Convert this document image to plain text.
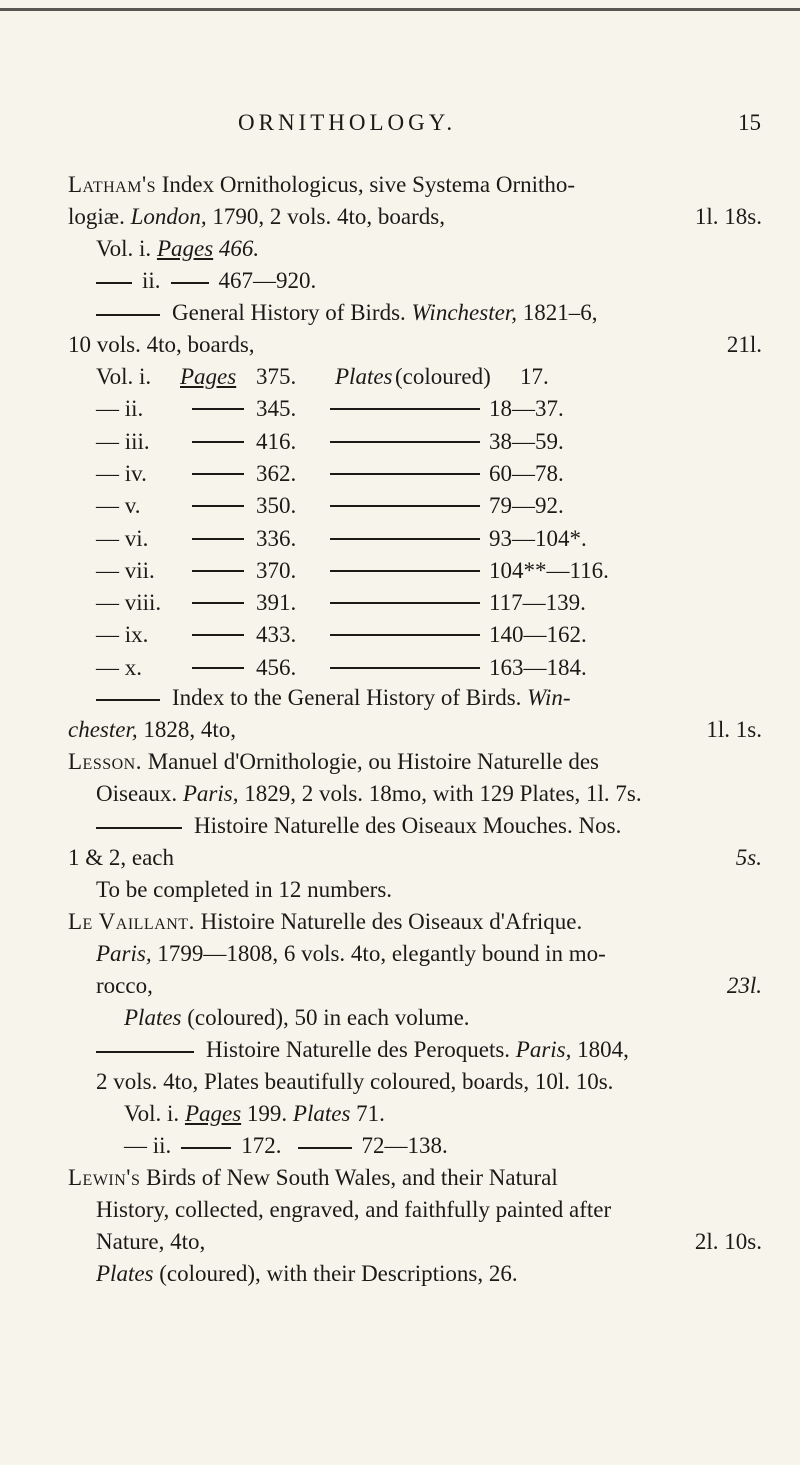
ORNITHOLOGY.	15
Latham's Index Ornithologicus, sive Systema Ornitho-
logiæ. London, 1790, 2 vols. 4to, boards,	1l. 18s.
Vol. i. Pages 466.
ii.	467—920.
General History of Birds. Winchester, 1821–6,
10 vols. 4to, boards,	21l.
Vol. i. Pages 375. Plates (coloured) 17.
— ii.	345.	18—37.
— iii.	416.	38—59.
— iv.	362.	60—78.
— v.	350.	79—92.
— vi.	336.	93—104*.
— vii.	370.	104**—116.
— viii.	391.	117—139.
— ix.	433.	140—162.
— x.	456.	163—184.
Index to the General History of Birds. Win-
chester, 1828, 4to,	1l. 1s.
Lesson. Manuel d'Ornithologie, ou Histoire Naturelle des
Oiseaux. Paris, 1829, 2 vols. 18mo, with 129 Plates, 1l. 7s.
Histoire Naturelle des Oiseaux Mouches. Nos.
1 & 2, each	5s.
To be completed in 12 numbers.
Le Vaillant. Histoire Naturelle des Oiseaux d'Afrique.
Paris, 1799—1808, 6 vols. 4to, elegantly bound in mo-
rocco,	23l.
Plates (coloured), 50 in each volume.
Histoire Naturelle des Peroquets. Paris, 1804,
2 vols. 4to, Plates beautifully coloured, boards, 10l. 10s.
Vol. i. Pages 199. Plates 71.
— ii.	172.	72—138.
Lewin's Birds of New South Wales, and their Natural
History, collected, engraved, and faithfully painted after
Nature, 4to,	2l. 10s.
Plates (coloured), with their Descriptions, 26.
